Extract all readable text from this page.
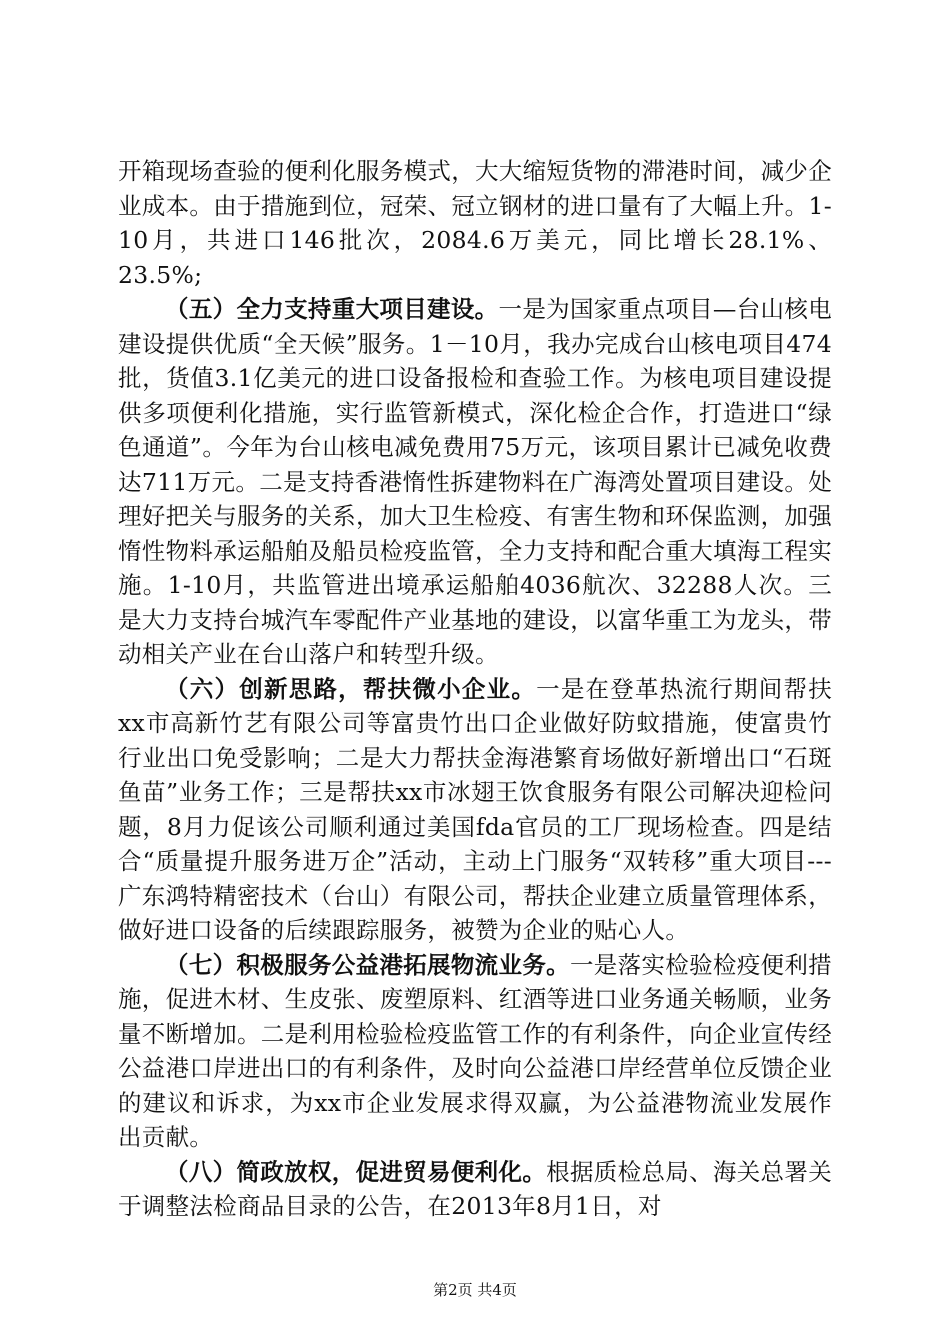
开箱现场查验的便利化服务模式，大大缩短货物的滞港时间，减少企业成本。由于措施到位，冠荣、冠立钢材的进口量有了大幅上升。1-10月，共进口146批次，2084.6万美元，同比增长28.1%、23.5%;

（五）全力支持重大项目建设。一是为国家重点项目—台山核电建设提供优质“全天候”服务。1－10月，我办完成台山核电项目474批，货值3.1亿美元的进口设备报检和查验工作。为核电项目建设提供多项便利化措施，实行监管新模式，深化检企合作，打造进口“绿色通道”。今年为台山核电减免费用75万元，该项目累计已减免收费达711万元。二是支持香港惰性拆建物料在广海湾处置项目建设。处理好把关与服务的关系，加大卫生检疫、有害生物和环保监测，加强惰性物料承运船舶及船员检疫监管，全力支持和配合重大填海工程实施。1-10月，共监管进出境承运船舶4036航次、32288人次。三是大力支持台城汽车零配件产业基地的建设，以富华重工为龙头，带动相关产业在台山落户和转型升级。

（六）创新思路，帮扶微小企业。一是在登革热流行期间帮扶xx市高新竹艺有限公司等富贵竹出口企业做好防蚊措施，使富贵竹行业出口免受影响；二是大力帮扶金海港繁育场做好新增出口“石斑鱼苗”业务工作；三是帮扶xx市冰翅王饮食服务有限公司解决迎检问题，8月力促该公司顺利通过美国fda官员的工厂现场检查。四是结合“质量提升服务进万企”活动，主动上门服务“双转移”重大项目---广东鸿特精密技术（台山）有限公司，帮扶企业建立质量管理体系，做好进口设备的后续跟踪服务，被赞为企业的贴心人。

（七）积极服务公益港拓展物流业务。一是落实检验检疫便利措施，促进木材、生皮张、废塑原料、红酒等进口业务通关畅顺，业务量不断增加。二是利用检验检疫监管工作的有利条件，向企业宣传经公益港口岸进出口的有利条件，及时向公益港口岸经营单位反馈企业的建议和诉求，为xx市企业发展求得双赢，为公益港物流业发展作出贡献。

（八）简政放权，促进贸易便利化。根据质检总局、海关总署关于调整法检商品目录的公告，在2013年8月1日，对

第2页 共4页
